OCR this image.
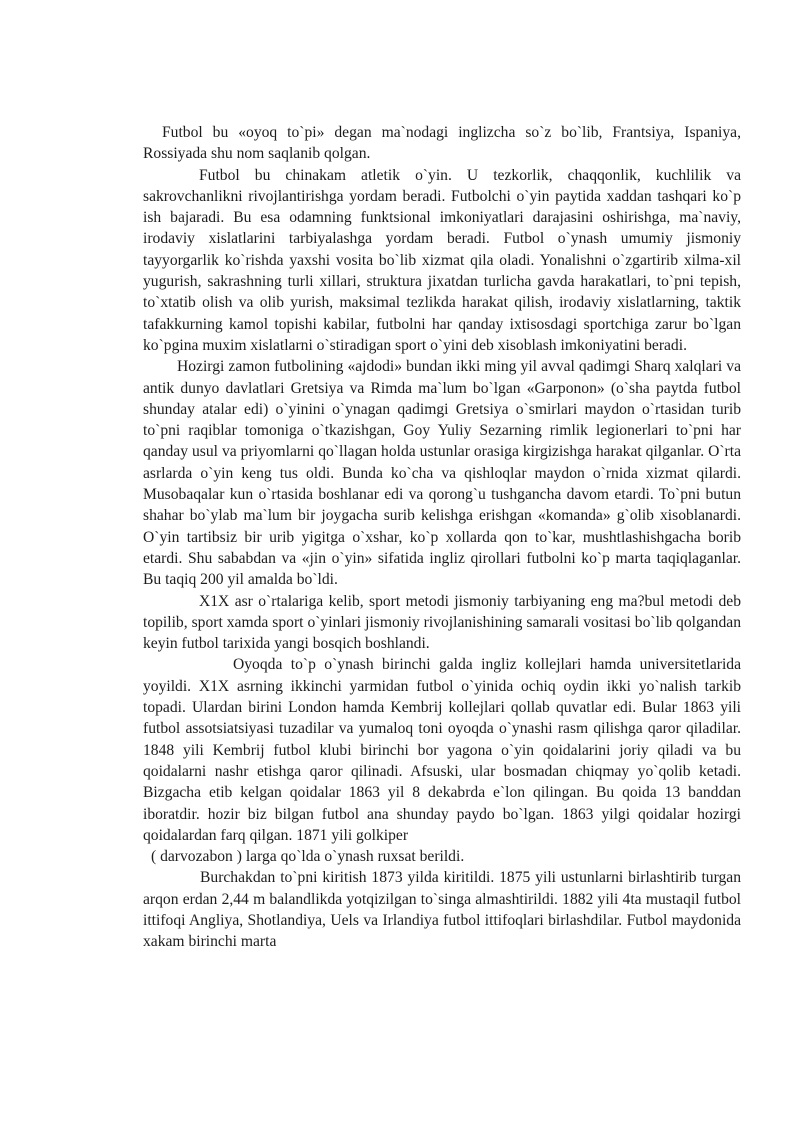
Futbol bu «oyoq to`pi» degan ma`nodagi inglizcha so`z bo`lib, Frantsiya, Ispaniya, Rossiyada shu nom saqlanib qolgan.

Futbol bu chinakam atletik o`yin. U tezkorlik, chaqqonlik, kuchlilik va sakrovchanlikni rivojlantirishga yordam beradi. Futbolchi o`yin paytida xaddan tashqari ko`p ish bajaradi. Bu esa odamning funktsional imkoniyatlari darajasini oshirishga, ma`naviy, irodaviy xislatlarini tarbiyalashga yordam beradi. Futbol o`ynash umumiy jismoniy tayyorgarlik ko`rishda yaxshi vosita bo`lib xizmat qila oladi. Yonalishni o`zgartirib xilma-xil yugurish, sakrashning turli xillari, struktura jixatdan turlicha gavda harakatlari, to`pni tepish, to`xtatib olish va olib yurish, maksimal tezlikda harakat qilish, irodaviy xislatlarning, taktik tafakkurning kamol topishi kabilar, futbolni har qanday ixtisosdagi sportchiga zarur bo`lgan ko`pgina muxim xislatlarni o`stiradigan sport o`yini deb xisoblash imkoniyatini beradi.

Hozirgi zamon futbolining «ajdodi» bundan ikki ming yil avval qadimgi Sharq xalqlari va antik dunyo davlatlari Gretsiya va Rimda ma`lum bo`lgan «Garponon» (o`sha paytda futbol shunday atalar edi) o`yinini o`ynagan qadimgi Gretsiya o`smirlari maydon o`rtasidan turib to`pni raqiblar tomoniga o`tkazishgan, Goy Yuliy Sezarning rimlik legionerlari to`pni har qanday usul va priyomlarni qo`llagan holda ustunlar orasiga kirgizishga harakat qilganlar. O`rta asrlarda o`yin keng tus oldi. Bunda ko`cha va qishloqlar maydon o`rnida xizmat qilardi. Musobaqalar kun o`rtasida boshlanar edi va qorong`u tushgancha davom etardi. To`pni butun shahar bo`ylab ma`lum bir joygacha surib kelishga erishgan «komanda» g`olib xisoblanardi. O`yin tartibsiz bir urib yigitga o`xshar, ko`p xollarda qon to`kar, mushtlashishgacha borib etardi. Shu sababdan va «jin o`yin» sifatida ingliz qirollari futbolni ko`p marta taqiqlaganlar. Bu taqiq 200 yil amalda bo`ldi.

X1X asr o`rtalariga kelib, sport metodi jismoniy tarbiyaning eng ma?bul metodi deb topilib, sport xamda sport o`yinlari jismoniy rivojlanishining samarali vositasi bo`lib qolgandan keyin futbol tarixida yangi bosqich boshlandi.

Oyoqda to`p o`ynash birinchi galda ingliz kollejlari hamda universitetlarida yoyildi. X1X asrning ikkinchi yarmidan futbol o`yinida ochiq oydin ikki yo`nalish tarkib topadi. Ulardan birini London hamda Kembrij kollejlari qollab quvatlar edi. Bular 1863 yili futbol assotsiatsiyasi tuzadilar va yumaloq toni oyoqda o`ynashi rasm qilishga qaror qiladilar. 1848 yili Kembrij futbol klubi birinchi bor yagona o`yin qoidalarini joriy qiladi va bu qoidalarni nashr etishga qaror qilinadi. Afsuski, ular bosmadan chiqmay yo`qolib ketadi. Bizgacha etib kelgan qoidalar 1863 yil 8 dekabrda e`lon qilingan. Bu qoida 13 banddan iboratdir. hozir biz bilgan futbol ana shunday paydo bo`lgan. 1863 yilgi qoidalar hozirgi qoidalardan farq qilgan. 1871 yili golkiper

( darvozabon ) larga qo`lda o`ynash ruxsat berildi.

Burchakdan to`pni kiritish 1873 yilda kiritildi. 1875 yili ustunlarni birlashtirib turgan arqon erdan 2,44 m balandlikda yotqizilgan to`singa almashtirildi. 1882 yili 4ta mustaqil futbol ittifoqi Angliya, Shotlandiya, Uels va Irlandiya futbol ittifoqlari birlashdilar. Futbol maydonida xakam birinchi marta
